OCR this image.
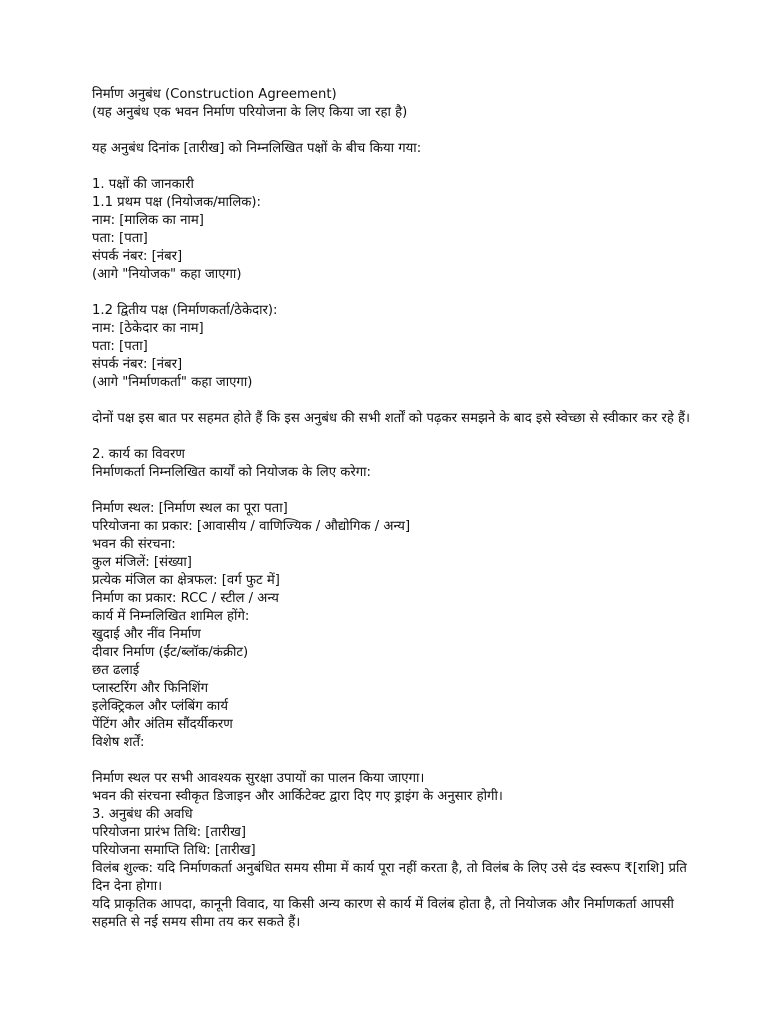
निर्माण अनुबंध (Construction Agreement)
(यह अनुबंध एक भवन निर्माण परियोजना के लिए किया जा रहा है)
यह अनुबंध दिनांक [तारीख] को निम्नलिखित पक्षों के बीच किया गया:
1. पक्षों की जानकारी
1.1 प्रथम पक्ष (नियोजक/मालिक):
नाम: [मालिक का नाम]
पता: [पता]
संपर्क नंबर: [नंबर]
(आगे "नियोजक" कहा जाएगा)
1.2 द्वितीय पक्ष (निर्माणकर्ता/ठेकेदार):
नाम: [ठेकेदार का नाम]
पता: [पता]
संपर्क नंबर: [नंबर]
(आगे "निर्माणकर्ता" कहा जाएगा)
दोनों पक्ष इस बात पर सहमत होते हैं कि इस अनुबंध की सभी शर्तों को पढ़कर समझने के बाद इसे स्वेच्छा से स्वीकार कर रहे हैं।
2. कार्य का विवरण
निर्माणकर्ता निम्नलिखित कार्यों को नियोजक के लिए करेगा:
निर्माण स्थल: [निर्माण स्थल का पूरा पता]
परियोजना का प्रकार: [आवासीय / वाणिज्यिक / औद्योगिक / अन्य]
भवन की संरचना:
कुल मंजिलें: [संख्या]
प्रत्येक मंजिल का क्षेत्रफल: [वर्ग फुट में]
निर्माण का प्रकार: RCC / स्टील / अन्य
कार्य में निम्नलिखित शामिल होंगे:
खुदाई और नींव निर्माण
दीवार निर्माण (ईंट/ब्लॉक/कंक्रीट)
छत ढलाई
प्लास्टरिंग और फिनिशिंग
इलेक्ट्रिकल और प्लंबिंग कार्य
पेंटिंग और अंतिम सौंदर्यीकरण
विशेष शर्तें:
निर्माण स्थल पर सभी आवश्यक सुरक्षा उपायों का पालन किया जाएगा।
भवन की संरचना स्वीकृत डिजाइन और आर्किटेक्ट द्वारा दिए गए ड्राइंग के अनुसार होगी।
3. अनुबंध की अवधि
परियोजना प्रारंभ तिथि: [तारीख]
परियोजना समाप्ति तिथि: [तारीख]
विलंब शुल्क: यदि निर्माणकर्ता अनुबंधित समय सीमा में कार्य पूरा नहीं करता है, तो विलंब के लिए उसे दंड स्वरूप ₹[राशि] प्रति दिन देना होगा।
यदि प्राकृतिक आपदा, कानूनी विवाद, या किसी अन्य कारण से कार्य में विलंब होता है, तो नियोजक और निर्माणकर्ता आपसी सहमति से नई समय सीमा तय कर सकते हैं।
